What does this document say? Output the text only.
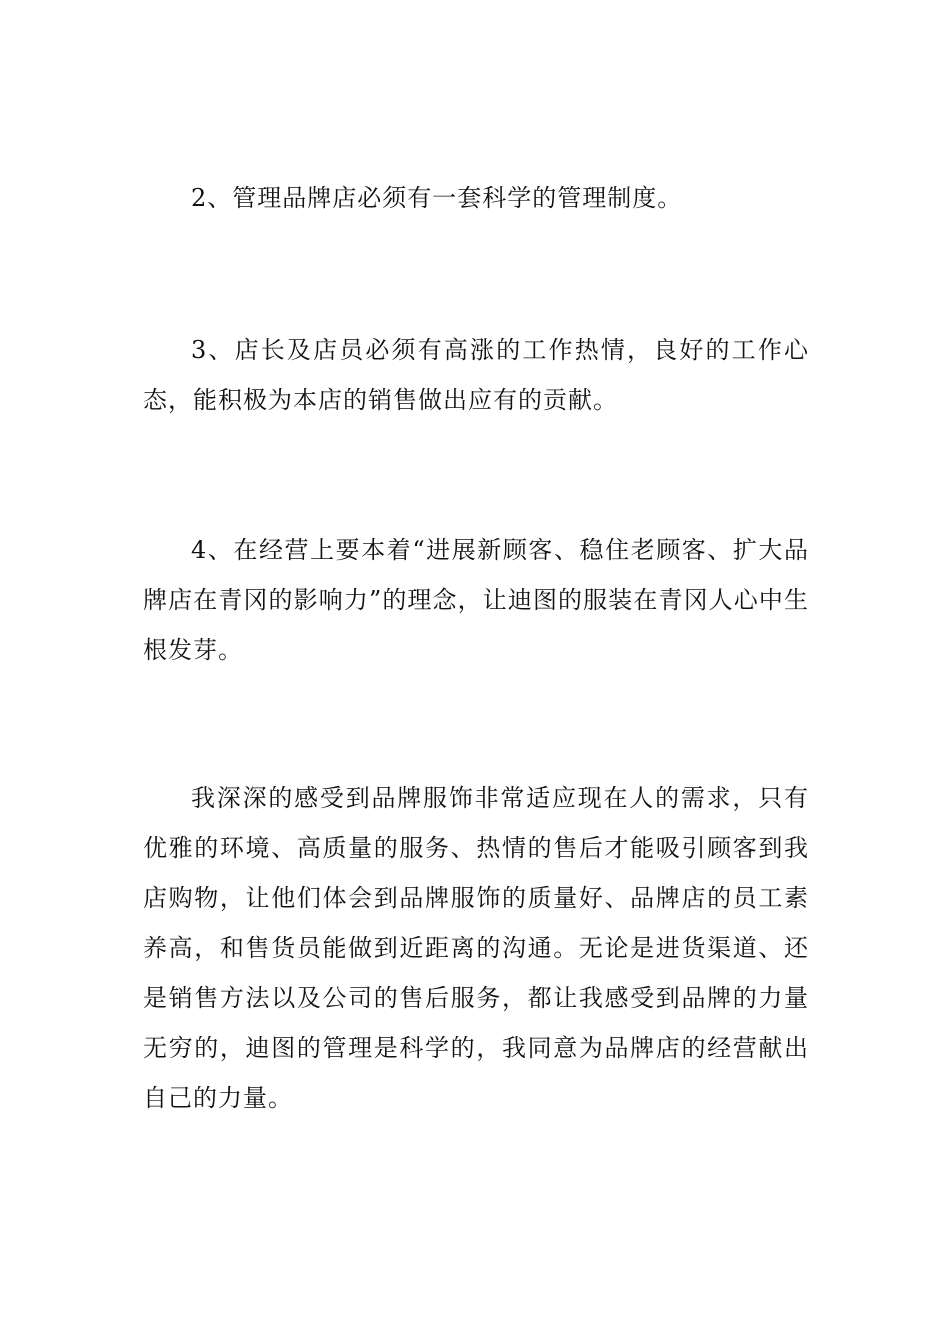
2、管理品牌店必须有一套科学的管理制度。

3、店长及店员必须有高涨的工作热情，良好的工作心态，能积极为本店的销售做出应有的贡献。

4、在经营上要本着“进展新顾客、稳住老顾客、扩大品牌店在青冈的影响力”的理念，让迪图的服装在青冈人心中生根发芽。

我深深的感受到品牌服饰非常适应现在人的需求，只有优雅的环境、高质量的服务、热情的售后才能吸引顾客到我店购物，让他们体会到品牌服饰的质量好、品牌店的员工素养高，和售货员能做到近距离的沟通。无论是进货渠道、还是销售方法以及公司的售后服务，都让我感受到品牌的力量无穷的，迪图的管理是科学的，我同意为品牌店的经营献出自己的力量。
